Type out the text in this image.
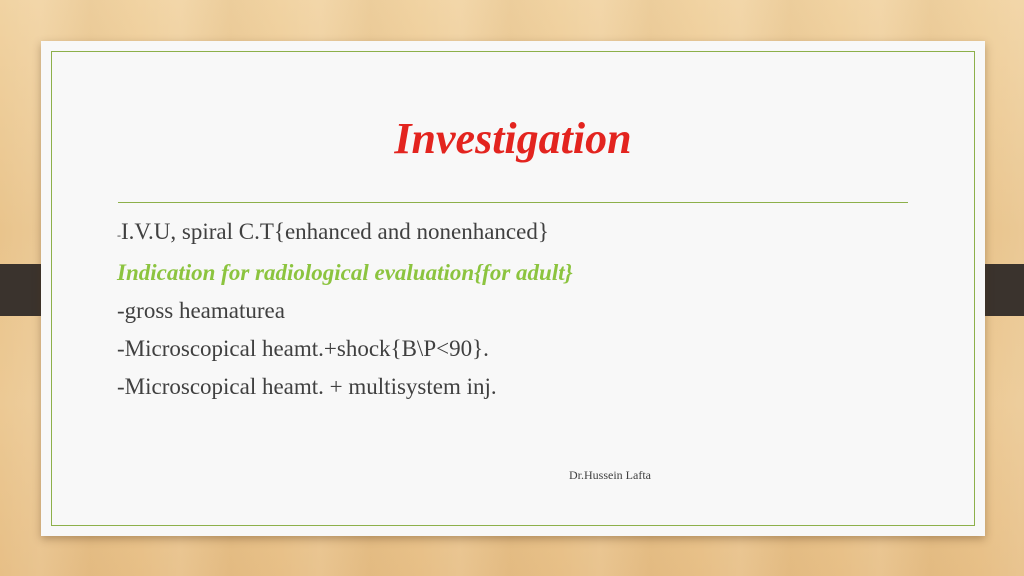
Investigation

-I.V.U, spiral C.T{enhanced and nonenhanced}

Indication for radiological evaluation{for adult}

-gross heamaturea

-Microscopical heamt.+shock{B\P<90}.

-Microscopical heamt. + multisystem inj.

Dr.Hussein Lafta
